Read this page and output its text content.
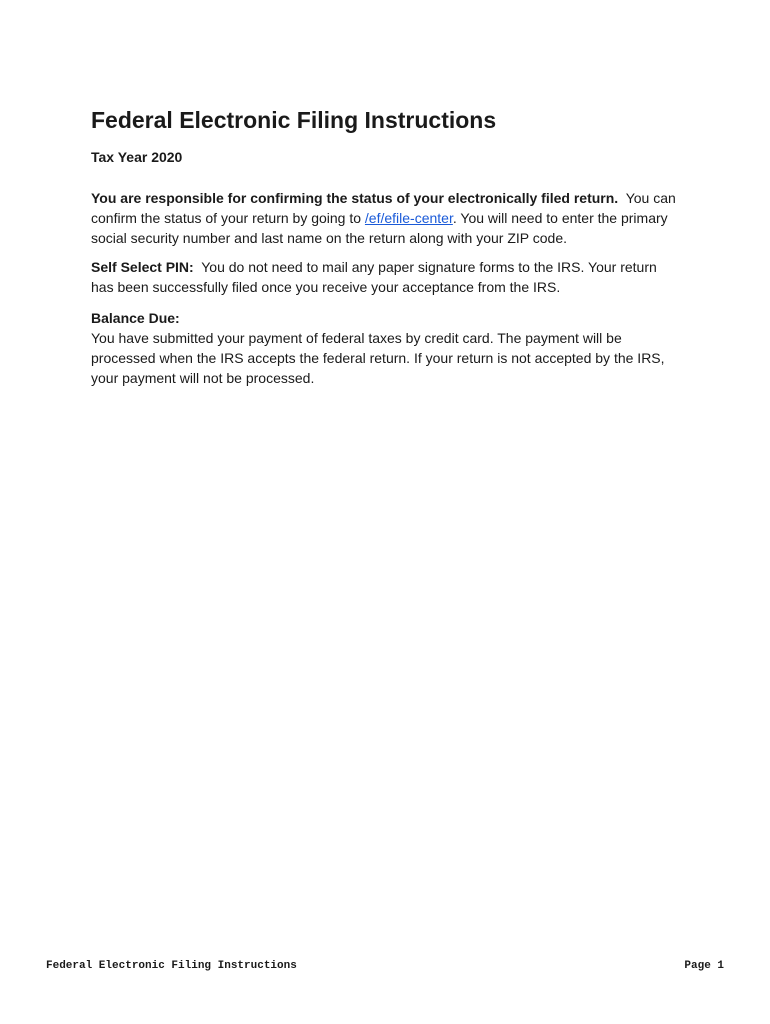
Federal Electronic Filing Instructions
Tax Year 2020

You are responsible for confirming the status of your electronically filed return. You can confirm the status of your return by going to /ef/efile-center. You will need to enter the primary social security number and last name on the return along with your ZIP code.

Self Select PIN: You do not need to mail any paper signature forms to the IRS. Your return has been successfully filed once you receive your acceptance from the IRS.

Balance Due:
You have submitted your payment of federal taxes by credit card. The payment will be processed when the IRS accepts the federal return. If your return is not accepted by the IRS, your payment will not be processed.
Federal Electronic Filing Instructions	Page 1
